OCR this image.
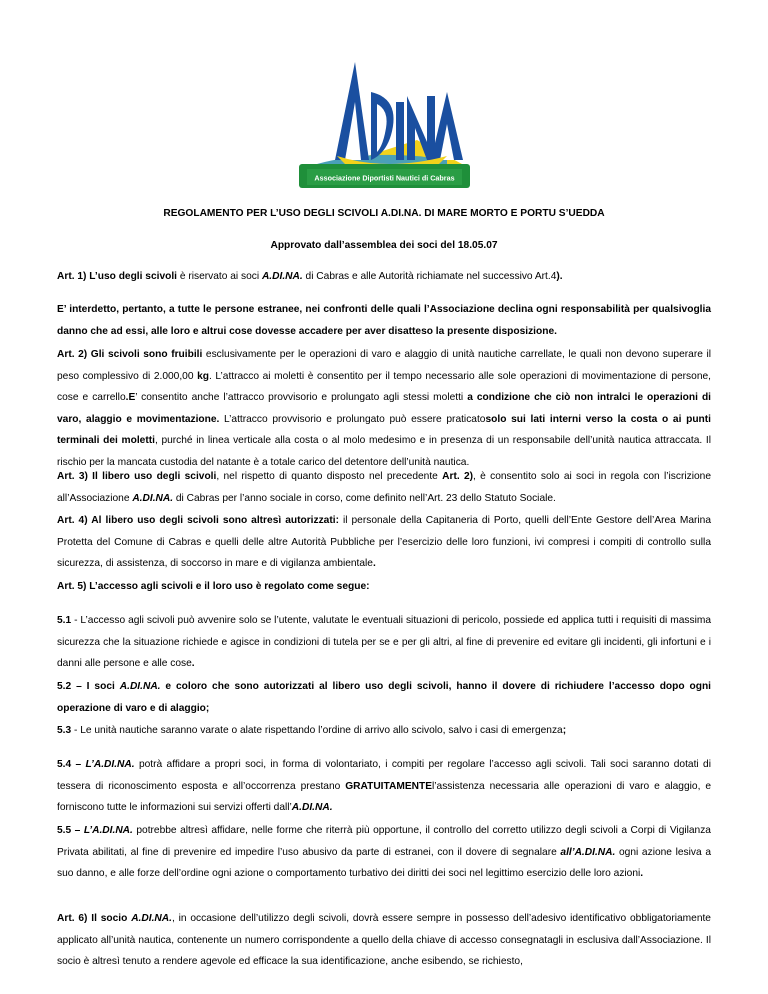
Associazione Diportisti Nautici di Cabras
REGOLAMENTO PER L’USO DEGLI SCIVOLI A.DI.NA. DI MARE MORTO E PORTU S’UEDDA
Approvato dall’assemblea dei soci del 18.05.07

Art. 1) L’uso degli scivoli è riservato ai soci A.DI.NA. di Cabras e alle Autorità richiamate nel successivo Art.4).

E’ interdetto, pertanto, a tutte le persone estranee, nei confronti delle quali l’Associazione declina ogni responsabilità per qualsivoglia danno che ad essi, alle loro e altrui cose dovesse accadere per aver disatteso la presente disposizione.

Art. 2) Gli scivoli sono fruibili esclusivamente per le operazioni di varo e alaggio di unità nautiche carrellate, le quali non devono superare il peso complessivo di 2.000,00 kg. L’attracco ai moletti è consentito per il tempo necessario alle sole operazioni di movimentazione di persone, cose e carrello.E’ consentito anche l’attracco provvisorio e prolungato agli stessi moletti a condizione che ciò non intralci le operazioni di varo, alaggio e movimentazione. L’attracco provvisorio e prolungato può essere praticatosolo sui lati interni verso la costa o ai punti terminali dei moletti, purché in linea verticale alla costa o al molo medesimo e in presenza di un responsabile dell’unità nautica attraccata. Il rischio per la mancata custodia del natante è a totale carico del detentore dell’unità nautica.

Art. 3) Il libero uso degli scivoli, nel rispetto di quanto disposto nel precedente Art. 2), è consentito solo ai soci in regola con l’iscrizione all’Associazione A.DI.NA. di Cabras per l’anno sociale in corso, come definito nell’Art. 23 dello Statuto Sociale.

Art. 4) Al libero uso degli scivoli sono altresì autorizzati: il personale della Capitaneria di Porto, quelli dell’Ente Gestore dell’Area Marina Protetta del Comune di Cabras e quelli delle altre Autorità Pubbliche per l’esercizio delle loro funzioni, ivi compresi i compiti di controllo sulla sicurezza, di assistenza, di soccorso in mare e di vigilanza ambientale.

Art. 5) L’accesso agli scivoli e il loro uso è regolato come segue:

5.1 - L’accesso agli scivoli può avvenire solo se l’utente, valutate le eventuali situazioni di pericolo, possiede ed applica tutti i requisiti di massima sicurezza che la situazione richiede e agisce in condizioni di tutela per se e per gli altri, al fine di prevenire ed evitare gli incidenti, gli infortuni e i danni alle persone e alle cose.

5.2 – I soci A.DI.NA. e coloro che sono autorizzati al libero uso degli scivoli, hanno il dovere di richiudere l’accesso dopo ogni operazione di varo e di alaggio;

5.3 - Le unità nautiche saranno varate o alate rispettando l’ordine di arrivo allo scivolo, salvo i casi di emergenza;

5.4 – L’A.DI.NA. potrà affidare a propri soci, in forma di volontariato, i compiti per regolare l’accesso agli scivoli. Tali soci saranno dotati di tessera di riconoscimento esposta e all’occorrenza prestano GRATUITAMENTEl’assistenza necessaria alle operazioni di varo e alaggio, e forniscono tutte le informazioni sui servizi offerti dall’A.DI.NA.

5.5 – L’A.DI.NA. potrebbe altresì affidare, nelle forme che riterrà più opportune, il controllo del corretto utilizzo degli scivoli a Corpi di Vigilanza Privata abilitati, al fine di prevenire ed impedire l’uso abusivo da parte di estranei, con il dovere di segnalare all’A.DI.NA. ogni azione lesiva a suo danno, e alle forze dell’ordine ogni azione o comportamento turbativo dei diritti dei soci nel legittimo esercizio delle loro azioni.

Art. 6) Il socio A.DI.NA., in occasione dell’utilizzo degli scivoli, dovrà essere sempre in possesso dell’adesivo identificativo obbligatoriamente applicato all’unità nautica, contenente un numero corrispondente a quello della chiave di accesso consegnatagli in esclusiva dall’Associazione. Il socio è altresì tenuto a rendere agevole ed efficace la sua identificazione, anche esibendo, se richiesto,
